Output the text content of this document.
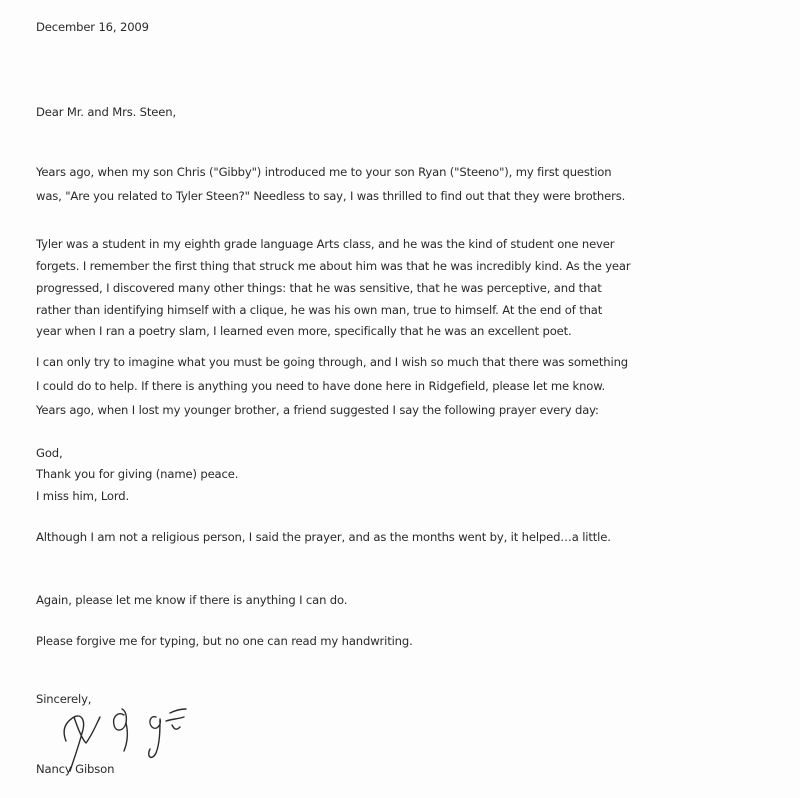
December 16, 2009
Dear Mr. and Mrs. Steen,
Years ago, when my son Chris ("Gibby") introduced me to your son Ryan ("Steeno"), my first question
was, "Are you related to Tyler Steen?" Needless to say, I was thrilled to find out that they were brothers.
Tyler was a student in my eighth grade language Arts class, and he was the kind of student one never
forgets. I remember the first thing that struck me about him was that he was incredibly kind. As the year
progressed, I discovered many other things: that he was sensitive, that he was perceptive, and that
rather than identifying himself with a clique, he was his own man, true to himself. At the end of that
year when I ran a poetry slam, I learned even more, specifically that he was an excellent poet.
I can only try to imagine what you must be going through, and I wish so much that there was something
I could do to help. If there is anything you need to have done here in Ridgefield, please let me know.
Years ago, when I lost my younger brother, a friend suggested I say the following prayer every day:
God,
Thank you for giving (name) peace.
I miss him, Lord.
Although I am not a religious person, I said the prayer, and as the months went by, it helped…a little.
Again, please let me know if there is anything I can do.
Please forgive me for typing, but no one can read my handwriting.
Sincerely,
Nancy Gibson
